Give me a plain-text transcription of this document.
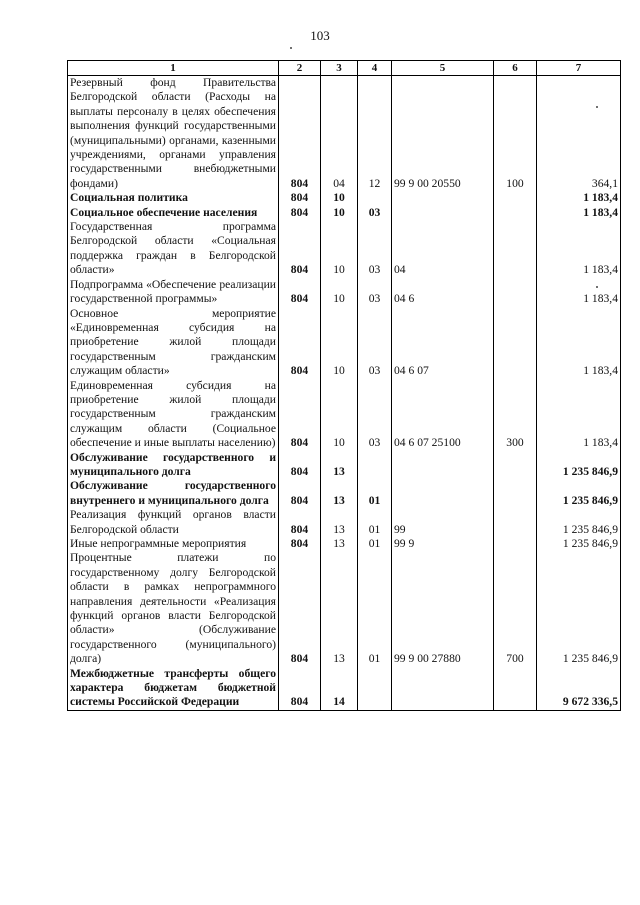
103
1	2	3	4	5	6	7
Резервный фонд Правительства Белгородской области (Расходы на выплаты персоналу в целях обеспечения выполнения функций государственными (муниципальными) органами, казенными учреждениями, органами управления государственными внебюджетными фондами)	804	04	12	99 9 00 20550	100	364,1
Социальная политика	804	10				1 183,4
Социальное обеспечение населения	804	10	03			1 183,4
Государственная программа Белгородской области «Социальная поддержка граждан в Белгородской области»	804	10	03	04		1 183,4
Подпрограмма «Обеспечение реализации государственной программы»	804	10	03	04 6		1 183,4
Основное мероприятие «Единовременная субсидия на приобретение жилой площади государственным гражданским служащим области»	804	10	03	04 6 07		1 183,4
Единовременная субсидия на приобретение жилой площади государственным гражданским служащим области (Социальное обеспечение и иные выплаты населению)	804	10	03	04 6 07 25100	300	1 183,4
Обслуживание государственного и муниципального долга	804	13				1 235 846,9
Обслуживание государственного внутреннего и муниципального долга	804	13	01			1 235 846,9
Реализация функций органов власти Белгородской области	804	13	01	99		1 235 846,9
Иные непрограммные мероприятия	804	13	01	99 9		1 235 846,9
Процентные платежи по государственному долгу Белгородской области в рамках непрограммного направления деятельности «Реализация функций органов власти Белгородской области» (Обслуживание государственного (муниципального) долга)	804	13	01	99 9 00 27880	700	1 235 846,9
Межбюджетные трансферты общего характера бюджетам бюджетной системы Российской Федерации	804	14				9 672 336,5
